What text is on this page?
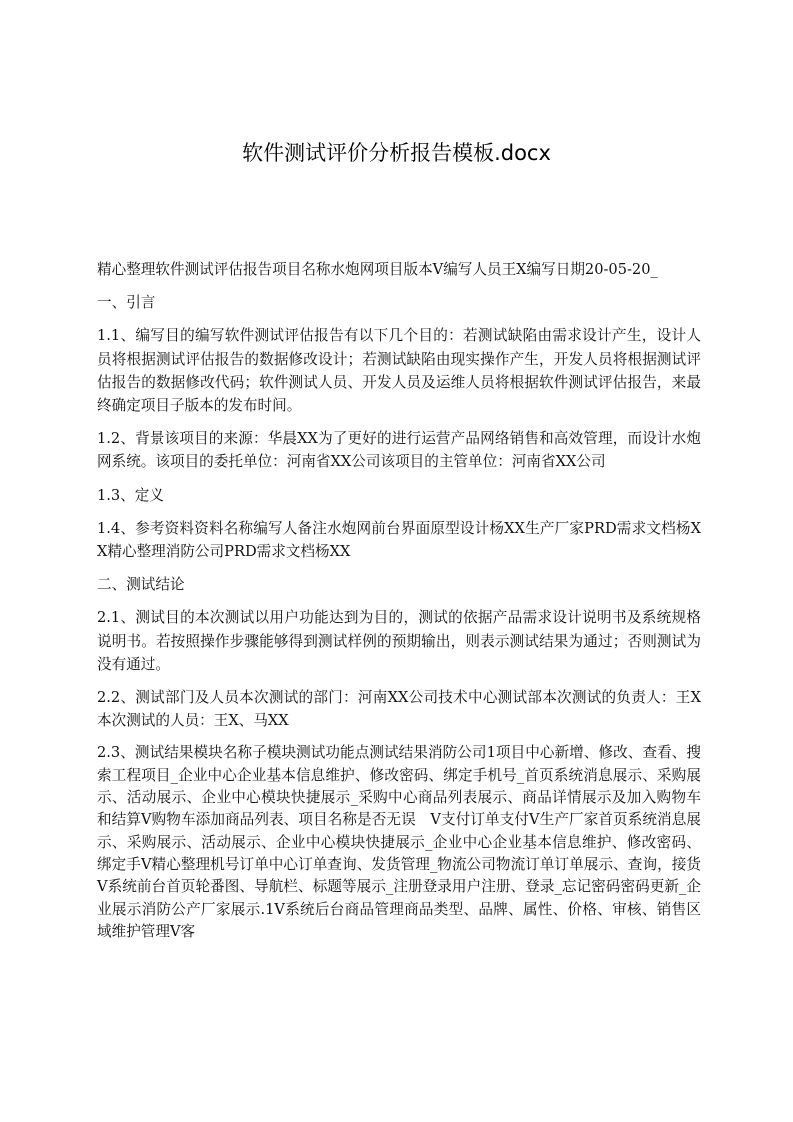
软件测试评价分析报告模板.docx

精心整理软件测试评估报告项目名称水炮网项目版本V编写人员王X编写日期20-05-20_

一、引言

1.1、编写目的编写软件测试评估报告有以下几个目的：若测试缺陷由需求设计产生，设计人员将根据测试评估报告的数据修改设计；若测试缺陷由现实操作产生，开发人员将根据测试评估报告的数据修改代码；软件测试人员、开发人员及运维人员将根据软件测试评估报告，来最终确定项目子版本的发布时间。

1.2、背景该项目的来源：华晨XX为了更好的进行运营产品网络销售和高效管理，而设计水炮网系统。该项目的委托单位：河南省XX公司该项目的主管单位：河南省XX公司

1.3、定义

1.4、参考资料资料名称编写人备注水炮网前台界面原型设计杨XX生产厂家PRD需求文档杨XX精心整理消防公司PRD需求文档杨XX

二、测试结论

2.1、测试目的本次测试以用户功能达到为目的，测试的依据产品需求设计说明书及系统规格说明书。若按照操作步骤能够得到测试样例的预期输出，则表示测试结果为通过；否则测试为没有通过。

2.2、测试部门及人员本次测试的部门：河南XX公司技术中心测试部本次测试的负责人：王X本次测试的人员：王X、马XX

2.3、测试结果模块名称子模块测试功能点测试结果消防公司1项目中心新增、修改、查看、搜索工程项目_企业中心企业基本信息维护、修改密码、绑定手机号_首页系统消息展示、采购展示、活动展示、企业中心模块快捷展示_采购中心商品列表展示、商品详情展示及加入购物车和结算V购物车添加商品列表、项目名称是否无误　V支付订单支付V生产厂家首页系统消息展示、采购展示、活动展示、企业中心模块快捷展示_企业中心企业基本信息维护、修改密码、绑定手V精心整理机号订单中心订单查询、发货管理_物流公司物流订单订单展示、查询，接货V系统前台首页轮番图、导航栏、标题等展示_注册登录用户注册、登录_忘记密码密码更新_企业展示消防公产厂家展示.1V系统后台商品管理商品类型、品牌、属性、价格、审核、销售区域维护管理V客
